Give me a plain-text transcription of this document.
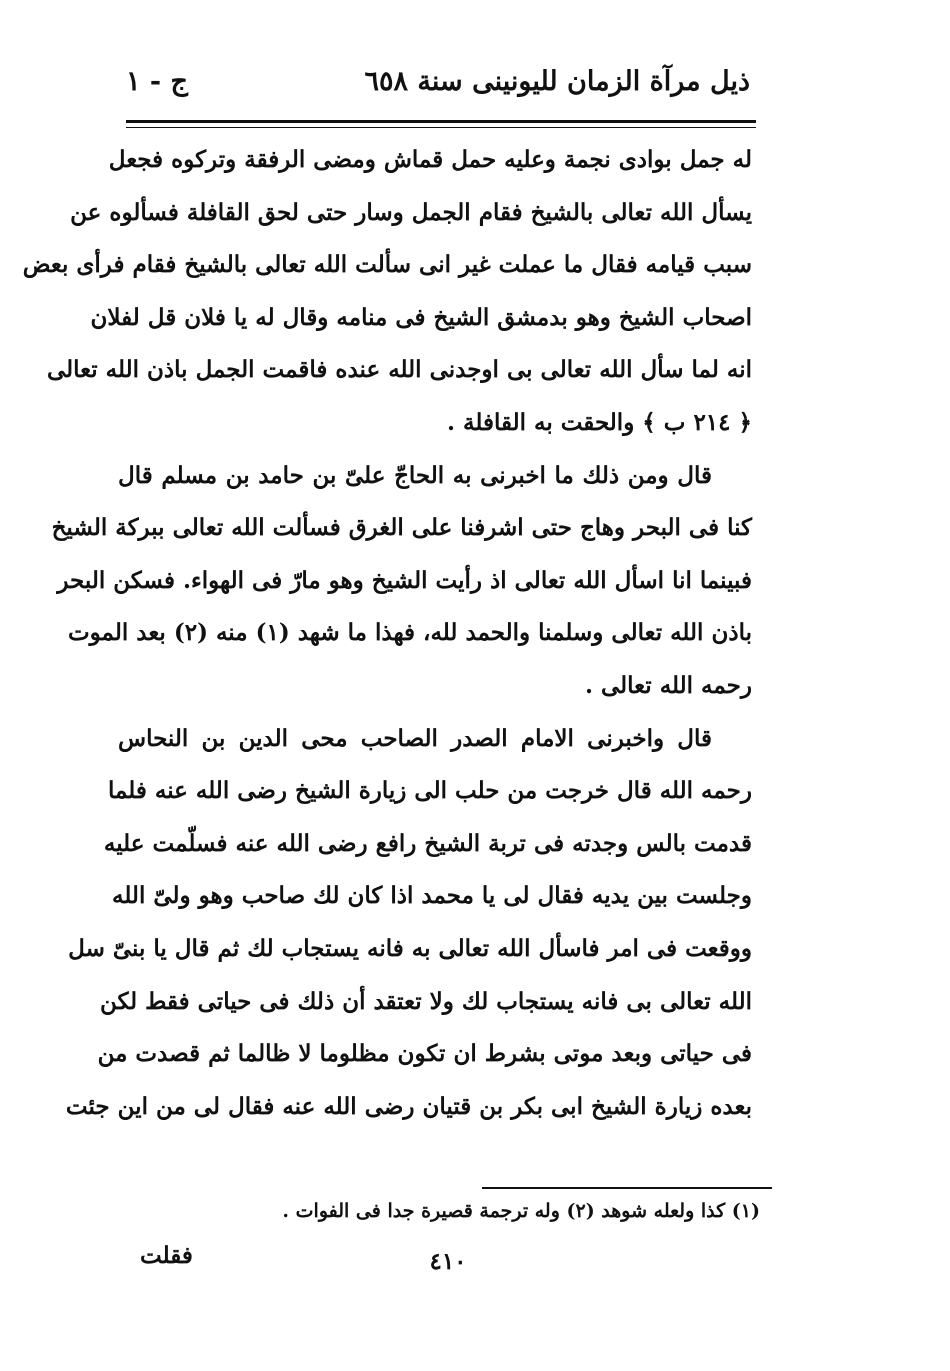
ذيل مرآة الزمان لليونينى سنة ٦٥٨
ج - ١
له جمل بوادى نجمة وعليه حمل قماش ومضى الرفقة وتركوه فجعل
يسأل الله تعالى بالشيخ فقام الجمل وسار حتى لحق القافلة فسألوه عن
سبب قيامه فقال ما عملت غير انى سألت الله تعالى بالشيخ فقام فرأى بعض
اصحاب الشيخ وهو بدمشق الشيخ فى منامه وقال له يا فلان قل لفلان
انه لما سأل الله تعالى بى اوجدنى الله عنده فاقمت الجمل باذن الله تعالى
﴿ ٢١٤ ب ﴾ والحقت به القافلة .
قال ومن ذلك ما اخبرنى به الحاجّ علىّ بن حامد بن مسلم قال
كنا فى البحر وهاج حتى اشرفنا على الغرق فسألت الله تعالى ببركة الشيخ
فبينما انا اسأل الله تعالى اذ رأيت الشيخ وهو مارّ فى الهواء. فسكن البحر
باذن الله تعالى وسلمنا والحمد لله، فهذا ما شهد (١) منه (٢) بعد الموت
رحمه الله تعالى .
قال واخبرنى الامام الصدر الصاحب محى الدين بن النحاس
رحمه الله قال خرجت من حلب الى زيارة الشيخ رضى الله عنه فلما
قدمت بالس وجدته فى تربة الشيخ رافع رضى الله عنه فسلّمت عليه
وجلست بين يديه فقال لى يا محمد اذا كان لك صاحب وهو ولىّ الله
ووقعت فى امر فاسأل الله تعالى به فانه يستجاب لك ثم قال يا بنىّ سل
الله تعالى بى فانه يستجاب لك ولا تعتقد أن ذلك فى حياتى فقط لكن
فى حياتى وبعد موتى بشرط ان تكون مظلوما لا ظالما ثم قصدت من
بعده زيارة الشيخ ابى بكر بن قتيان رضى الله عنه فقال لى من اين جئت
(١) كذا ولعله شوهد (٢) وله ترجمة قصيرة جدا فى الفوات .
٤١٠
فقلت
